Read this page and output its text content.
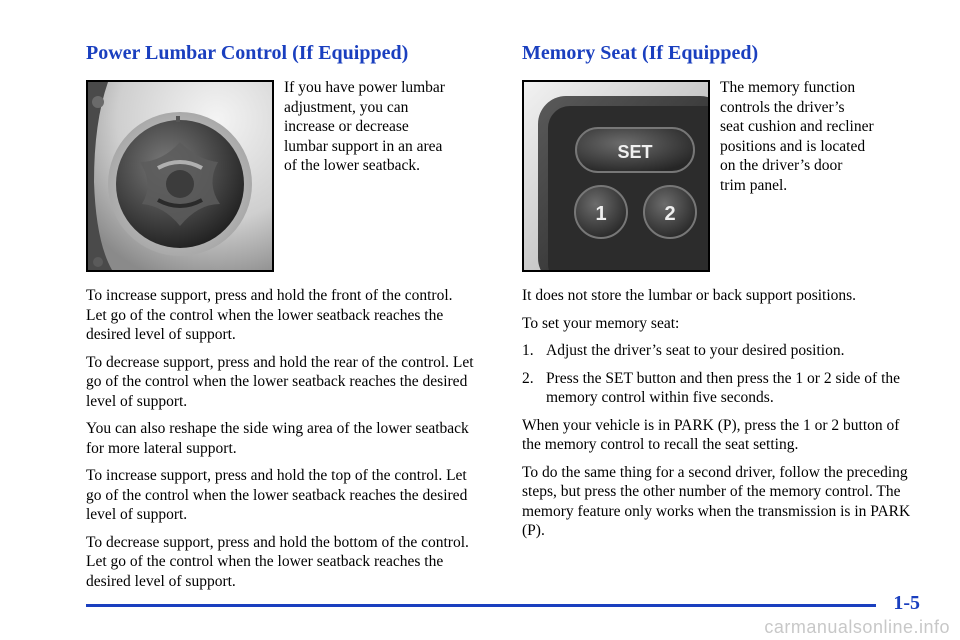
Power Lumbar Control (If Equipped)
If you have power lumbar
adjustment, you can
increase or decrease
lumbar support in an area
of the lower seatback.

To increase support, press and hold the front of the control. Let go of the control when the lower seatback reaches the desired level of support.

To decrease support, press and hold the rear of the control. Let go of the control when the lower seatback reaches the desired level of support.

You can also reshape the side wing area of the lower seatback for more lateral support.

To increase support, press and hold the top of the control. Let go of the control when the lower seatback reaches the desired level of support.

To decrease support, press and hold the bottom of the control. Let go of the control when the lower seatback reaches the desired level of support.

Memory Seat (If Equipped)
SET
1	2
The memory function
controls the driver’s
seat cushion and recliner
positions and is located
on the driver’s door
trim panel.

It does not store the lumbar or back support positions.

To set your memory seat:

1. Adjust the driver’s seat to your desired position.
2. Press the SET button and then press the 1 or 2 side of the memory control within five seconds.

When your vehicle is in PARK (P), press the 1 or 2 button of the memory control to recall the seat setting.

To do the same thing for a second driver, follow the preceding steps, but press the other number of the memory control. The memory feature only works when the transmission is in PARK (P).

1-5
carmanualsonline.info
